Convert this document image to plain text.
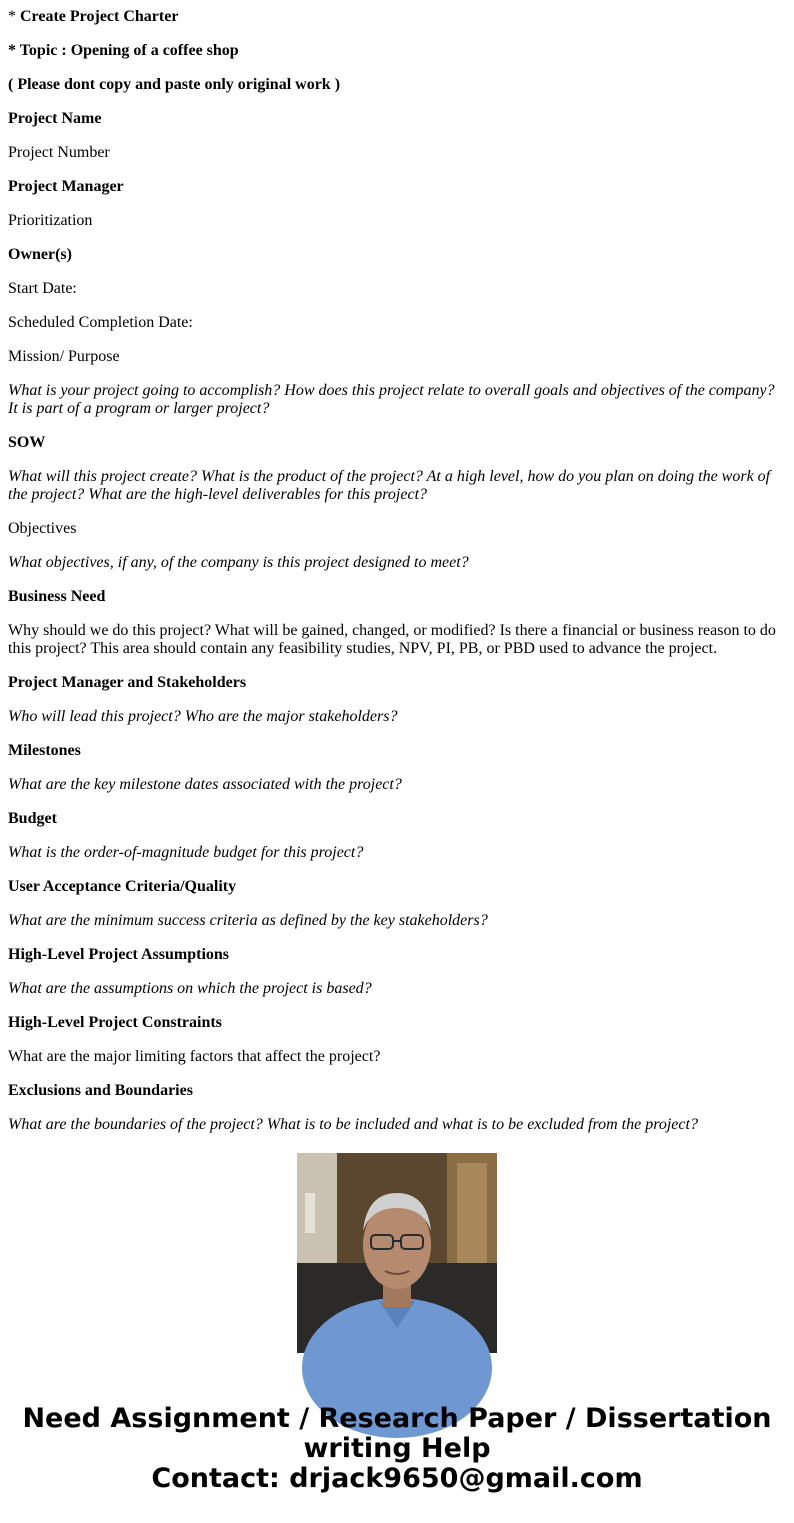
* Create Project Charter

* Topic : Opening of a coffee shop

( Please dont copy and paste only original work )

Project Name

Project Number

Project Manager

Prioritization

Owner(s)

Start Date:

Scheduled Completion Date:

Mission/ Purpose

What is your project going to accomplish? How does this project relate to overall goals and objectives of the company? It is part of a program or larger project?

SOW

What will this project create? What is the product of the project? At a high level, how do you plan on doing the work of the project? What are the high-level deliverables for this project?

Objectives

What objectives, if any, of the company is this project designed to meet?

Business Need

Why should we do this project? What will be gained, changed, or modified? Is there a financial or business reason to do this project? This area should contain any feasibility studies, NPV, PI, PB, or PBD used to advance the project.

Project Manager and Stakeholders

Who will lead this project? Who are the major stakeholders?

Milestones

What are the key milestone dates associated with the project?

Budget

What is the order-of-magnitude budget for this project?

User Acceptance Criteria/Quality

What are the minimum success criteria as defined by the key stakeholders?

High-Level Project Assumptions

What are the assumptions on which the project is based?

High-Level Project Constraints

What are the major limiting factors that affect the project?

Exclusions and Boundaries

What are the boundaries of the project? What is to be included and what is to be excluded from the project?

Need Assignment / Research Paper / Dissertation
writing Help
Contact: drjack9650@gmail.com
